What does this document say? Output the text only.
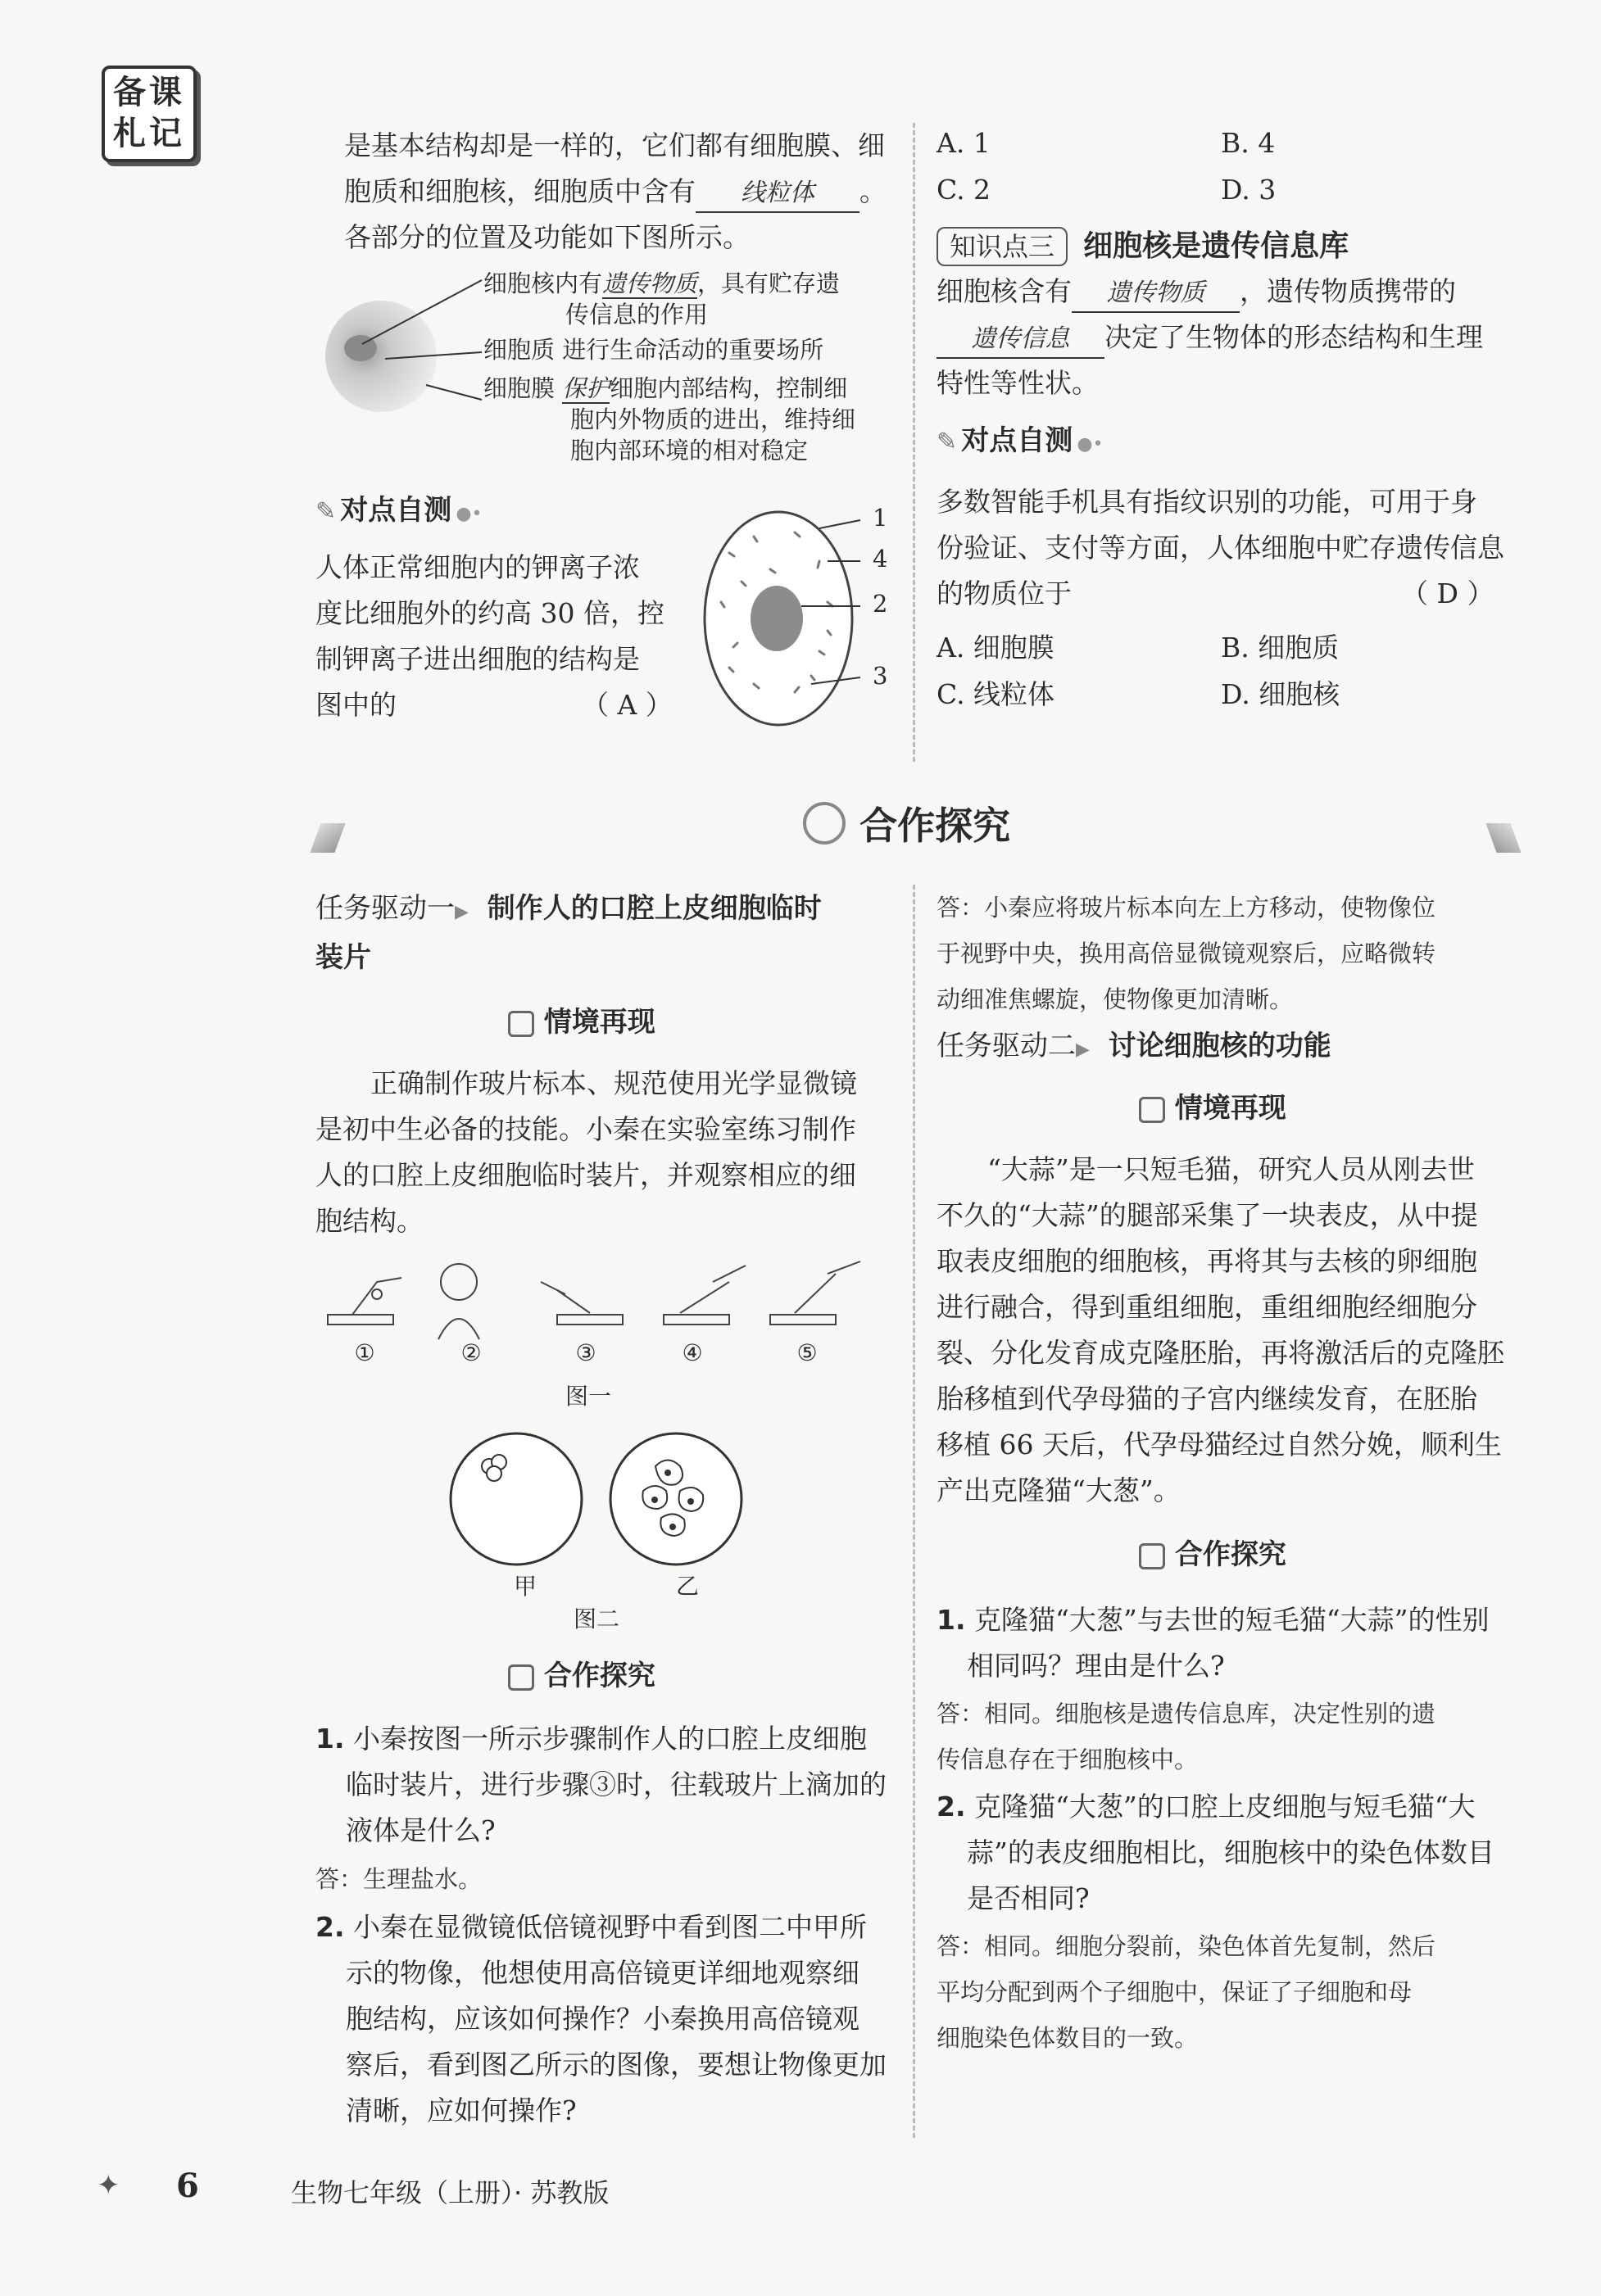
备课
札记	是基本结构却是一样的，它们都有细胞膜、细
胞质和细胞核，细胞质中含有 线粒体 。
各部分的位置及功能如下图所示。
细胞核内有遗传物质，具有贮存遗
传信息的作用
细胞质 进行生命活动的重要场所
细胞膜 保护细胞内部结构，控制细
胞内外物质的进出，维持细
胞内部环境的相对稳定
✎ 对点自测 ●•
人体正常细胞内的钾离子浓
度比细胞外的约高 30 倍，控
制钾离子进出细胞的结构是
图中的	（ A ）
1
4
2
3
A. 1	B. 4
C. 2	D. 3
知识点三 细胞核是遗传信息库
细胞核含有 遗传物质 ，遗传物质携带的
遗传信息 决定了生物体的形态结构和生理
特性等性状。
✎ 对点自测 ●•
多数智能手机具有指纹识别的功能，可用于身
份验证、支付等方面，人体细胞中贮存遗传信息
的物质位于	（ D ）
A. 细胞膜	B. 细胞质
C. 线粒体	D. 细胞核
合作探究
任务驱动一▶ 制作人的口腔上皮细胞临时
装片
情境再现
正确制作玻片标本、规范使用光学显微镜
是初中生必备的技能。小秦在实验室练习制作
人的口腔上皮细胞临时装片，并观察相应的细
胞结构。
①	②	③	④	⑤
图一
甲	乙
图二
合作探究
1. 小秦按图一所示步骤制作人的口腔上皮细胞
临时装片，进行步骤③时，往载玻片上滴加的
液体是什么?
答：生理盐水。
2. 小秦在显微镜低倍镜视野中看到图二中甲所
示的物像，他想使用高倍镜更详细地观察细
胞结构，应该如何操作？小秦换用高倍镜观
察后，看到图乙所示的图像，要想让物像更加
清晰，应如何操作?
答：小秦应将玻片标本向左上方移动，使物像位
于视野中央，换用高倍显微镜观察后，应略微转
动细准焦螺旋，使物像更加清晰。
任务驱动二▶ 讨论细胞核的功能
情境再现
“大蒜”是一只短毛猫，研究人员从刚去世
不久的“大蒜”的腿部采集了一块表皮，从中提
取表皮细胞的细胞核，再将其与去核的卵细胞
进行融合，得到重组细胞，重组细胞经细胞分
裂、分化发育成克隆胚胎，再将激活后的克隆胚
胎移植到代孕母猫的子宫内继续发育，在胚胎
移植 66 天后，代孕母猫经过自然分娩，顺利生
产出克隆猫“大葱”。
合作探究
1. 克隆猫“大葱”与去世的短毛猫“大蒜”的性别
相同吗？理由是什么?
答：相同。细胞核是遗传信息库，决定性别的遗
传信息存在于细胞核中。
2. 克隆猫“大葱”的口腔上皮细胞与短毛猫“大
蒜”的表皮细胞相比，细胞核中的染色体数目
是否相同?
答：相同。细胞分裂前，染色体首先复制，然后
平均分配到两个子细胞中，保证了子细胞和母
细胞染色体数目的一致。
✦ 6	生物七年级（上册）· 苏教版
